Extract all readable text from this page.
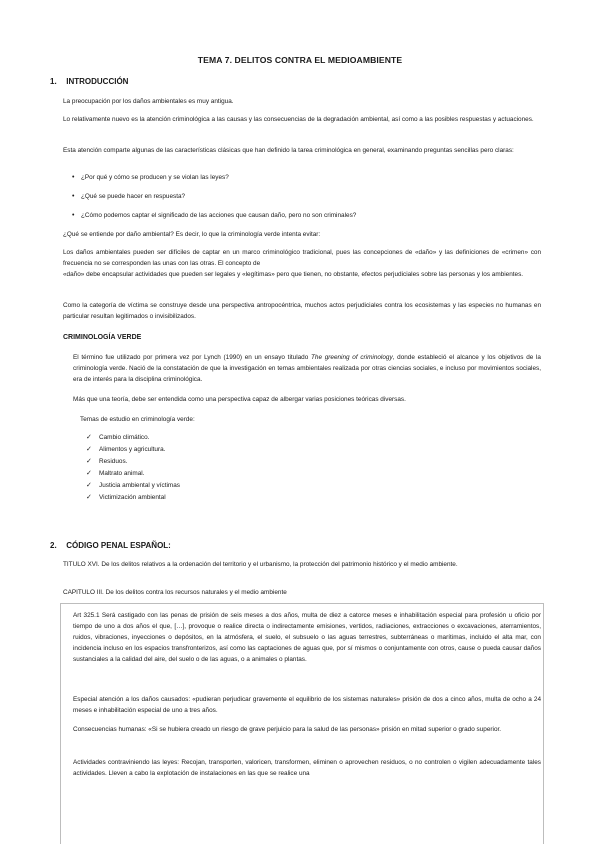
TEMA 7. DELITOS CONTRA EL MEDIOAMBIENTE
1. INTRODUCCIÓN
La preocupación por los daños ambientales es muy antigua.
Lo relativamente nuevo es la atención criminológica a las causas y las consecuencias de la degradación ambiental, así como a las posibles respuestas y actuaciones.
Esta atención comparte algunas de las características clásicas que han definido la tarea criminológica en general, examinando preguntas sencillas pero claras:
• ¿Por qué y cómo se producen y se violan las leyes?
• ¿Qué se puede hacer en respuesta?
• ¿Cómo podemos captar el significado de las acciones que causan daño, pero no son criminales?
¿Qué se entiende por daño ambiental? Es decir, lo que la criminología verde intenta evitar:
Los daños ambientales pueden ser difíciles de captar en un marco criminológico tradicional, pues las concepciones de «daño» y las definiciones de «crimen» con frecuencia no se corresponden las unas con las otras. El concepto de
«daño» debe encapsular actividades que pueden ser legales y «legítimas» pero que tienen, no obstante, efectos perjudiciales sobre las personas y los ambientes.
Como la categoría de víctima se construye desde una perspectiva antropocéntrica, muchos actos perjudiciales contra los ecosistemas y las especies no humanas en particular resultan legitimados o invisibilizados.
CRIMINOLOGÍA VERDE
El término fue utilizado por primera vez por Lynch (1990) en un ensayo titulado The greening of criminology, donde estableció el alcance y los objetivos de la criminología verde. Nació de la constatación de que la investigación en temas ambientales realizada por otras ciencias sociales, e incluso por movimientos sociales, era de interés para la disciplina criminológica.
Más que una teoría, debe ser entendida como una perspectiva capaz de albergar varias posiciones teóricas diversas.
Temas de estudio en criminología verde:
✓ Cambio climático.
✓ Alimentos y agricultura.
✓ Residuos.
✓ Maltrato animal.
✓ Justicia ambiental y víctimas
✓ Victimización ambiental
2. CÓDIGO PENAL ESPAÑOL:
TITULO XVI. De los delitos relativos a la ordenación del territorio y el urbanismo, la protección del patrimonio histórico y el medio ambiente.
CAPITULO III. De los delitos contra los recursos naturales y el medio ambiente
Art 325.1 Será castigado con las penas de prisión de seis meses a dos años, multa de diez a catorce meses e inhabilitación especial para profesión u oficio por tiempo de uno a dos años el que, […], provoque o realice directa o indirectamente emisiones, vertidos, radiaciones, extracciones o excavaciones, aterramientos, ruidos, vibraciones, inyecciones o depósitos, en la atmósfera, el suelo, el subsuelo o las aguas terrestres, subterráneas o marítimas, incluido el alta mar, con incidencia incluso en los espacios transfronterizos, así como las captaciones de aguas que, por sí mismos o conjuntamente con otros, cause o pueda causar daños sustanciales a la calidad del aire, del suelo o de las aguas, o a animales o plantas.
Especial atención a los daños causados: «pudieran perjudicar gravemente el equilibrio de los sistemas naturales» prisión de dos a cinco años, multa de ocho a 24 meses e inhabilitación especial de uno a tres años.
Consecuencias humanas: «Si se hubiera creado un riesgo de grave perjuicio para la salud de las personas» prisión en mitad superior o grado superior.
Actividades contraviniendo las leyes: Recojan, transporten, valoricen, transformen, eliminen o aprovechen residuos, o no controlen o vigilen adecuadamente tales actividades. Lleven a cabo la explotación de instalaciones en las que se realice una
